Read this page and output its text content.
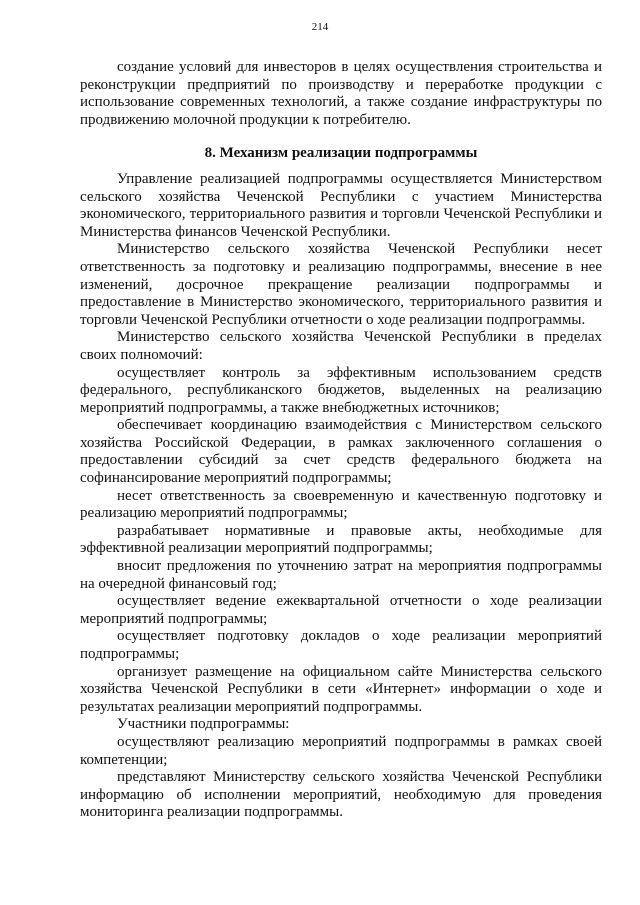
214

создание условий для инвесторов в целях осуществления строительства и реконструкции предприятий по производству и переработке продукции с использование современных технологий, а также создание инфраструктуры по продвижению молочной продукции к потребителю.

8. Механизм реализации подпрограммы

Управление реализацией подпрограммы осуществляется Министерством сельского хозяйства Чеченской Республики с участием Министерства экономического, территориального развития и торговли Чеченской Республики и Министерства финансов Чеченской Республики.

Министерство сельского хозяйства Чеченской Республики несет ответственность за подготовку и реализацию подпрограммы, внесение в нее изменений, досрочное прекращение реализации подпрограммы и предоставление в Министерство экономического, территориального развития и торговли Чеченской Республики отчетности о ходе реализации подпрограммы.

Министерство сельского хозяйства Чеченской Республики в пределах своих полномочий:

осуществляет контроль за эффективным использованием средств федерального, республиканского бюджетов, выделенных на реализацию мероприятий подпрограммы, а также внебюджетных источников;

обеспечивает координацию взаимодействия с Министерством сельского хозяйства Российской Федерации, в рамках заключенного соглашения о предоставлении субсидий за счет средств федерального бюджета на софинансирование мероприятий подпрограммы;

несет ответственность за своевременную и качественную подготовку и реализацию мероприятий подпрограммы;

разрабатывает нормативные и правовые акты, необходимые для эффективной реализации мероприятий подпрограммы;

вносит предложения по уточнению затрат на мероприятия подпрограммы на очередной финансовый год;

осуществляет ведение ежеквартальной отчетности о ходе реализации мероприятий подпрограммы;

осуществляет подготовку докладов о ходе реализации мероприятий подпрограммы;

организует размещение на официальном сайте Министерства сельского хозяйства Чеченской Республики в сети «Интернет» информации о ходе и результатах реализации мероприятий подпрограммы.

Участники подпрограммы:

осуществляют реализацию мероприятий подпрограммы в рамках своей компетенции;

представляют Министерству сельского хозяйства Чеченской Республики информацию об исполнении мероприятий, необходимую для проведения мониторинга реализации подпрограммы.
